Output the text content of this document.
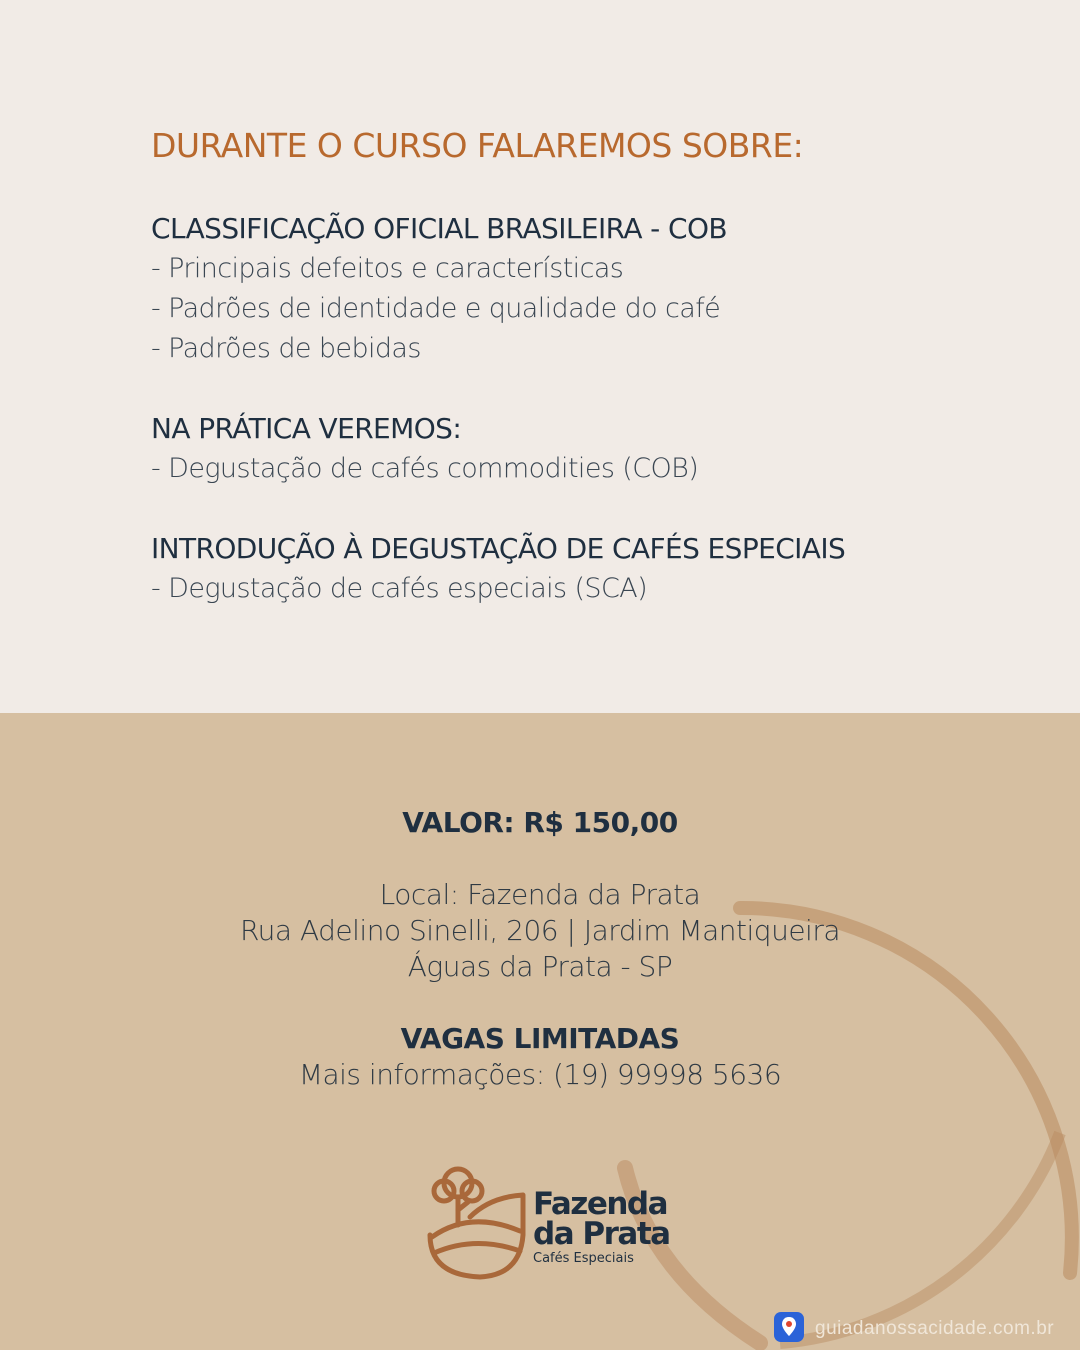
DURANTE O CURSO FALAREMOS SOBRE:
CLASSIFICAÇÃO OFICIAL BRASILEIRA - COB
- Principais defeitos e características
- Padrões de identidade e qualidade do café
- Padrões de bebidas
NA PRÁTICA VEREMOS:
- Degustação de cafés commodities (COB)
INTRODUÇÃO À DEGUSTAÇÃO DE CAFÉS ESPECIAIS
- Degustação de cafés especiais (SCA)
VALOR: R$ 150,00
Local: Fazenda da Prata
Rua Adelino Sinelli, 206 | Jardim Mantiqueira
Águas da Prata - SP
VAGAS LIMITADAS
Mais informações: (19) 99998 5636
Fazenda
da Prata
Cafés Especiais
guiadanossacidade.com.br
